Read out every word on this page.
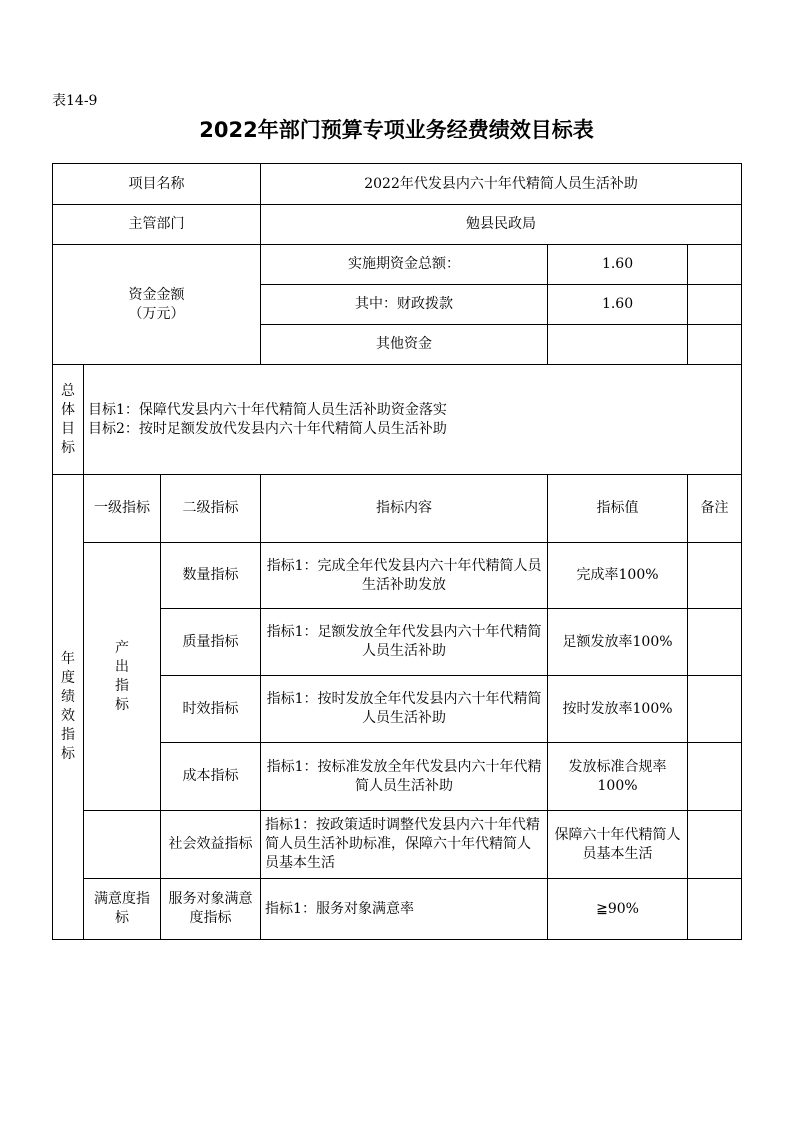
表14-9
2022年部门预算专项业务经费绩效目标表
项目名称			2022年代发县内六十年代精简人员生活补助		
主管部门			勉县民政局		

资金金额
（万元）			实施期资金总额：	1.60	
			其中：财政拨款	1.60	
			其他资金		

总体目标	目标1：保障代发县内六十年代精简人员生活补助资金落实
目标2：按时足额发放代发县内六十年代精简人员生活补助				

年度绩效指标	一级指标	二级指标	指标内容	指标值	备注

	产出指标	数量指标	指标1：完成全年代发县内六十年代精简人员生活补助发放	完成率100%	
		质量指标	指标1：足额发放全年代发县内六十年代精简人员生活补助	足额发放率100%	
		时效指标	指标1：按时发放全年代发县内六十年代精简人员生活补助	按时发放率100%	
		成本指标	指标1：按标准发放全年代发县内六十年代精简人员生活补助	发放标准合规率100%	
		社会效益指标	指标1：按政策适时调整代发县内六十年代精简人员生活补助标准，保障六十年代精简人员基本生活	保障六十年代精简人员基本生活	
	满意度指标	服务对象满意度指标	指标1：服务对象满意率	≧90%	
